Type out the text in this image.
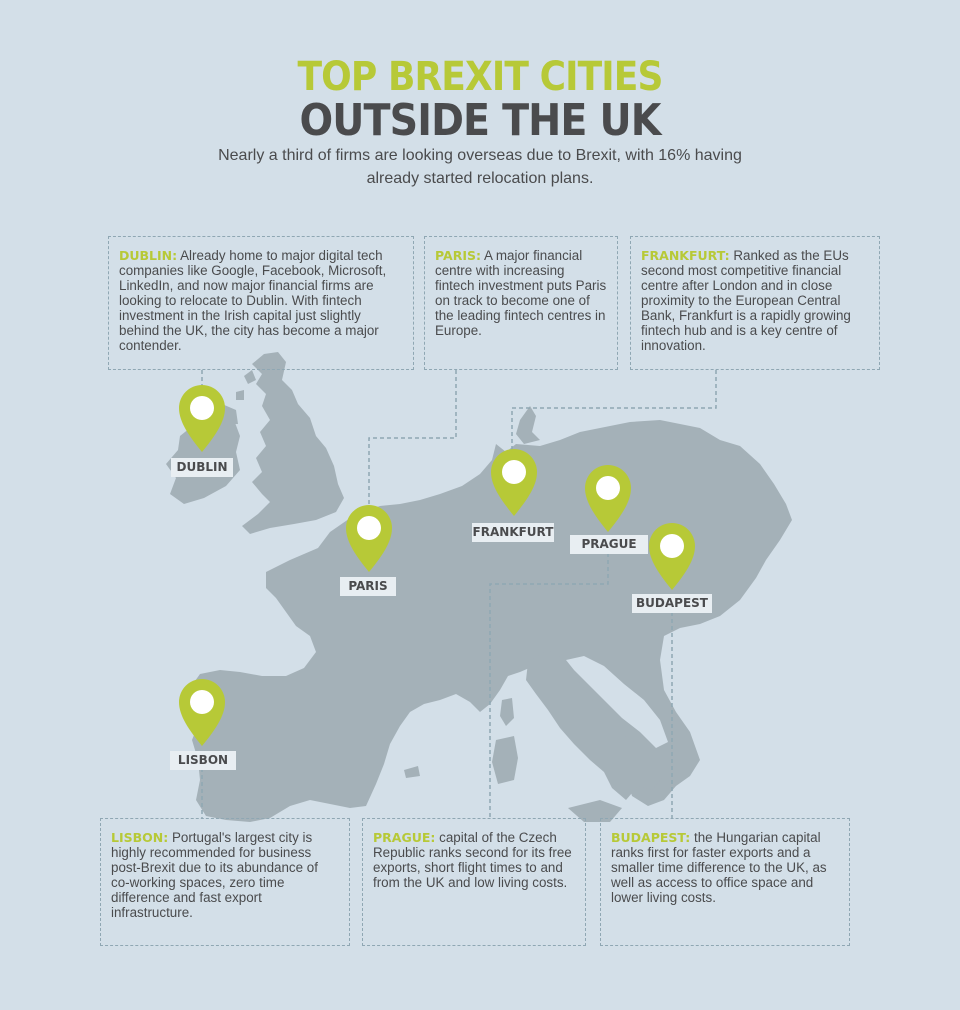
TOP BREXIT CITIES
OUTSIDE THE UK
Nearly a third of firms are looking overseas due to Brexit, with 16% having already started relocation plans.
DUBLIN
PARIS
FRANKFURT
PRAGUE
BUDAPEST
LISBON
DUBLIN: Already home to major digital tech companies like Google, Facebook, Microsoft, LinkedIn, and now major financial firms are looking to relocate to Dublin. With fintech investment in the Irish capital just slightly behind the UK, the city has become a major contender.
PARIS: A major financial centre with increasing fintech investment puts Paris on track to become one of the leading fintech centres in Europe.
FRANKFURT: Ranked as the EUs second most competitive financial centre after London and in close proximity to the European Central Bank, Frankfurt is a rapidly growing fintech hub and is a key centre of innovation.
LISBON: Portugal's largest city is highly recommended for business post-Brexit due to its abundance of co-working spaces, zero time difference and fast export infrastructure.
PRAGUE: capital of the Czech Republic ranks second for its free exports, short flight times to and from the UK and low living costs.
BUDAPEST: the Hungarian capital ranks first for faster exports and a smaller time difference to the UK, as well as access to office space and lower living costs.
